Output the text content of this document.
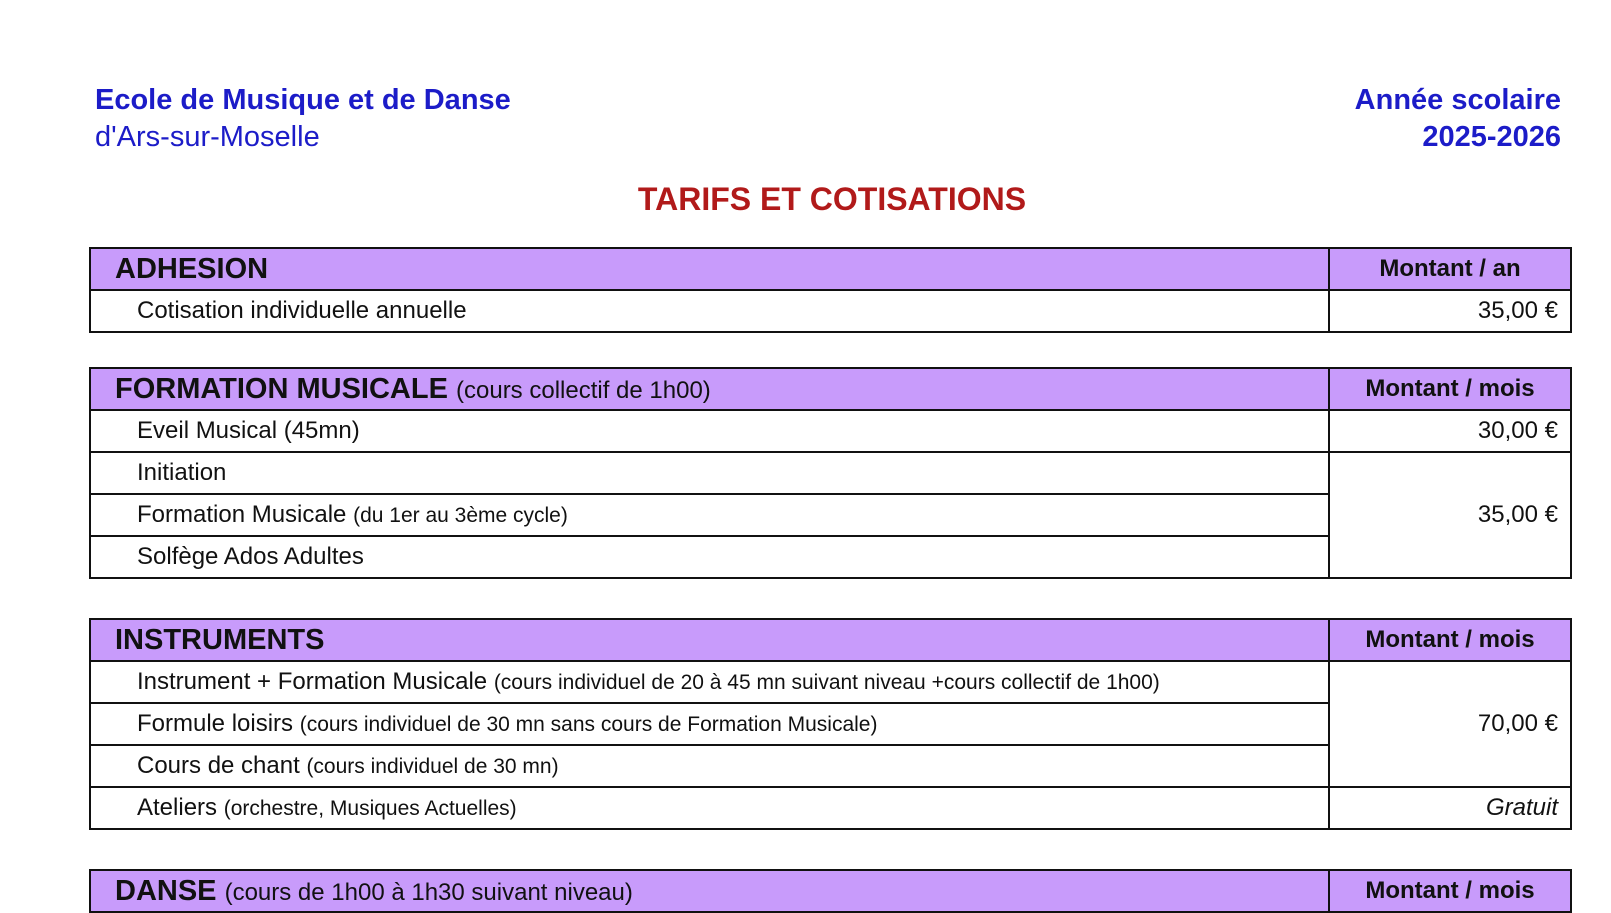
Ecole de Musique et de Danse
d'Ars-sur-Moselle
Année scolaire
2025-2026
TARIFS ET COTISATIONS
ADHESION	Montant / an
Cotisation individuelle annuelle	35,00 €
FORMATION MUSICALE (cours collectif de 1h00)	Montant / mois
Eveil Musical (45mn)	30,00 €
Initiation	35,00 €
Formation Musicale (du 1er au 3ème cycle)	
Solfège Ados Adultes	
INSTRUMENTS	Montant / mois
Instrument + Formation Musicale (cours individuel de 20 à 45 mn suivant niveau +cours collectif de 1h00)	70,00 €
Formule loisirs (cours individuel de 30 mn sans cours de Formation Musicale)	
Cours de chant (cours individuel de 30 mn)	
Ateliers (orchestre, Musiques Actuelles)	Gratuit
DANSE (cours de 1h00 à 1h30 suivant niveau)	Montant / mois
